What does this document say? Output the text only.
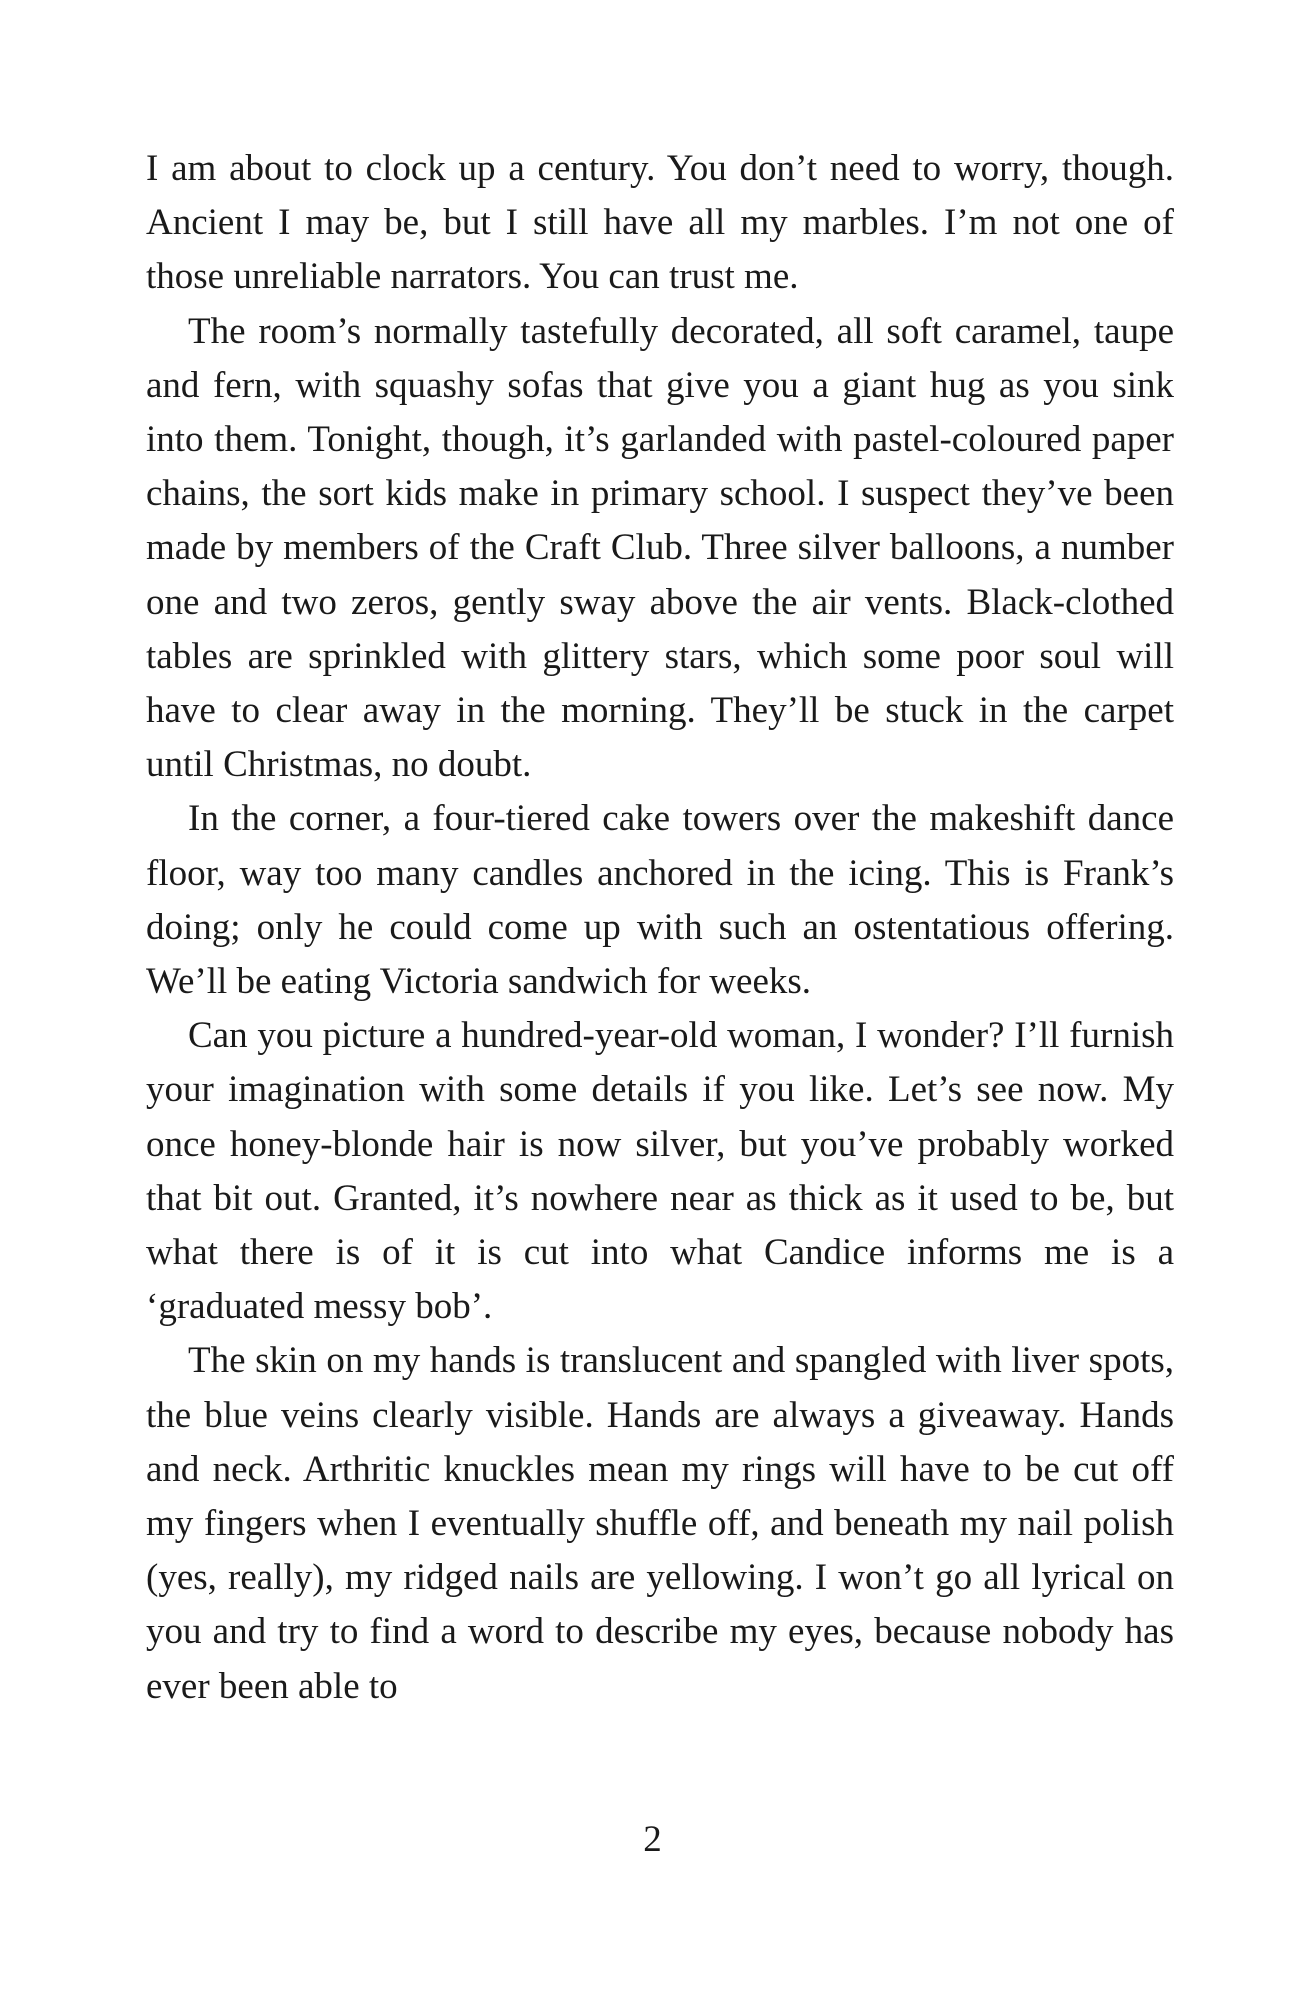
I am about to clock up a century. You don’t need to worry, though. Ancient I may be, but I still have all my marbles. I’m not one of those unreliable narrators. You can trust me.

The room’s normally tastefully decorated, all soft caramel, taupe and fern, with squashy sofas that give you a giant hug as you sink into them. Tonight, though, it’s garlanded with pastel-coloured paper chains, the sort kids make in primary school. I suspect they’ve been made by members of the Craft Club. Three silver balloons, a number one and two zeros, gently sway above the air vents. Black-clothed tables are sprinkled with glittery stars, which some poor soul will have to clear away in the morning. They’ll be stuck in the carpet until Christmas, no doubt.

In the corner, a four-tiered cake towers over the makeshift dance floor, way too many candles anchored in the icing. This is Frank’s doing; only he could come up with such an ostentatious offering. We’ll be eating Victoria sandwich for weeks.

Can you picture a hundred-year-old woman, I wonder? I’ll furnish your imagination with some details if you like. Let’s see now. My once honey-blonde hair is now silver, but you’ve probably worked that bit out. Granted, it’s nowhere near as thick as it used to be, but what there is of it is cut into what Candice informs me is a ‘graduated messy bob’.

The skin on my hands is translucent and spangled with liver spots, the blue veins clearly visible. Hands are always a giveaway. Hands and neck. Arthritic knuckles mean my rings will have to be cut off my fingers when I eventually shuffle off, and beneath my nail polish (yes, really), my ridged nails are yellowing. I won’t go all lyrical on you and try to find a word to describe my eyes, because nobody has ever been able to

2
